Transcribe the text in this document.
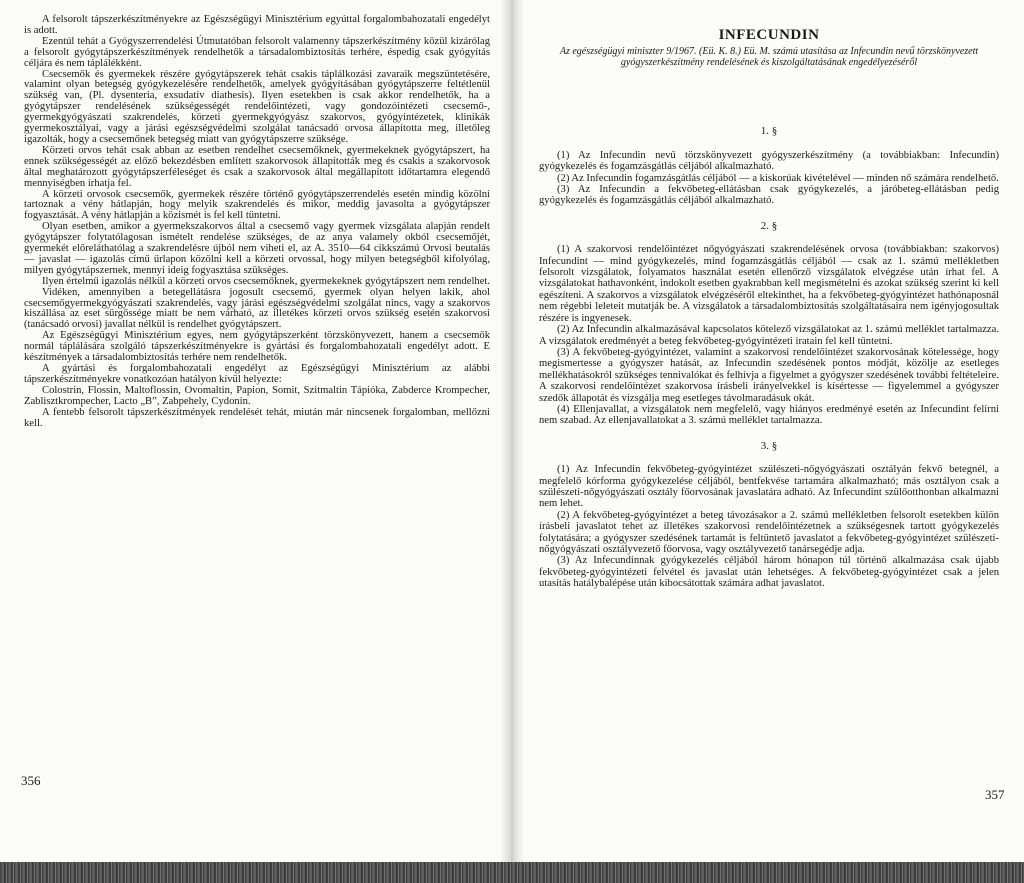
A felsorolt tápszerkészítményekre az Egészségügyi Minisztérium egyúttal forgalombahozatali engedélyt is adott.

Ezentúl tehát a Gyógyszerrendelési Útmutatóban felsorolt valamenny tápszerkészítmény közül kizárólag a felsorolt gyógytápszerkészítmények rendelhetők a társadalombiztosítás terhére, éspedig csak gyógyítás céljára és nem táplálékként.

Csecsemők és gyermekek részére gyógytápszerek tehát csakis táplálkozási zavaraik megszüntetésére, valamint olyan betegség gyógykezelésére rendelhetők, amelyek gyógyításában gyógytápszerre feltétlenül szükség van, (Pl. dysenteria, exsudatív diathesis). Ilyen esetekben is csak akkor rendelhetők, ha a gyógytápszer rendelésének szükségességét rendelőintézeti, vagy gondozóintézeti csecsemő-, gyermekgyógyászati szakrendelés, körzeti gyermekgyógyász szakorvos, gyógyintézetek, klinikák gyermekosztályai, vagy a járási egészségvédelmi szolgálat tanácsadó orvosa állapította meg, illetőleg igazolták, hogy a csecsemőnek betegség miatt van gyógytápszerre szüksége.

Körzeti orvos tehát csak abban az esetben rendelhet csecsemőknek, gyermekeknek gyógytápszert, ha ennek szükségességét az előző bekezdésben említett szakorvosok állapították meg és csakis a szakorvosok által meghatározott gyógytápszerféleséget és csak a szakorvosok által megállapított időtartamra elegendő mennyiségben írhatja fel.

A körzeti orvosok csecsemők, gyermekek részére történő gyógytápszerrendelés esetén mindig közölni tartoznak a vény hátlapján, hogy melyik szakrendelés és mikor, meddig javasolta a gyógytápszer fogyasztását. A vény hátlapján a közismét is fel kell tüntetni.

Olyan esetben, amikor a gyermekszakorvos által a csecsemő vagy gyermek vizsgálata alapján rendelt gyógytápszer folytatólagosan ismételt rendelése szükséges, de az anya valamely okból csecsemőjét, gyermekét előreláthatólag a szakrendelésre újból nem viheti el, az A. 3510—64 cikkszámú Orvosi beutalás — javaslat — igazolás című űrlapon közölni kell a körzeti orvossal, hogy milyen betegségből kifolyólag, milyen gyógytápszernek, mennyi ideig fogyasztása szükséges.

Ilyen értelmű igazolás nélkül a körzeti orvos csecsemőknek, gyermekeknek gyógytápszert nem rendelhet.

Vidéken, amennyiben a betegellátásra jogosult csecsemő, gyermek olyan helyen lakik, ahol csecsemőgyermekgyógyászati szakrendelés, vagy járási egészségvédelmi szolgálat nincs, vagy a szakorvos kiszállása az eset sürgőssége miatt be nem várható, az illetékes körzeti orvos szükség esetén szakorvosi (tanácsadó orvosi) javallat nélkül is rendelhet gyógytápszert.

Az Egészségügyi Minisztérium egyes, nem gyógytápszerként törzskönyvezett, hanem a csecsemők normál táplálására szolgáló tápszerkészítményekre is gyártási és forgalombahozatali engedélyt adott. E készítmények a társadalombiztosítás terhére nem rendelhetők.

A gyártási és forgalombahozatali engedélyt az Egészségügyi Minisztérium az alábbi tápszerkészítményekre vonatkozóan hatályon kívül helyezte:

Colostrin, Flossin, Maltoflossin, Ovomaltin, Papion, Somit, Szitmaltin Tápióka, Zabderce Krompecher, Zablisztkrompecher, Lacto „B”, Zabpehely, Cydonin.

A fentebb felsorolt tápszerkészítmények rendelését tehát, miután már nincsenek forgalomban, mellőzni kell.

356
INFECUNDIN
Az egészségügyi miniszter 9/1967. (Eü. K. 8.) Eü. M. számú utasítása az Infecundin nevű törzskönyvezett gyógyszerkészítmény rendelésének és kiszolgáltatásának engedélyezéséről
1. §

(1) Az Infecundin nevű törzskönyvezett gyógyszerkészítmény (a továbbiakban: Infecundin) gyógykezelés és fogamzásgátlás céljából alkalmazható.

(2) Az Infecundin fogamzásgátlás céljából — a kiskorúak kivételével — minden nő számára rendelhető.

(3) Az Infecundin a fekvőbeteg-ellátásban csak gyógykezelés, a járóbeteg-ellátásban pedig gyógykezelés és fogamzásgátlás céljából alkalmazható.

2. §

(1) A szakorvosi rendelőintézet nőgyógyászati szakrendelésének orvosa (továbbiakban: szakorvos) Infecundint — mind gyógykezelés, mind fogamzásgátlás céljából — csak az 1. számú mellékletben felsorolt vizsgálatok, folyamatos használat esetén ellenőrző vizsgálatok elvégzése után írhat fel. A vizsgálatokat hathavonként, indokolt esetben gyakrabban kell megismételni és azokat szükség szerint ki kell egészíteni. A szakorvos a vizsgálatok elvégzéséről eltekinthet, ha a fekvőbeteg-gyógyintézet hathónaposnál nem régebbi leleteit mutatják be. A vizsgálatok a társadalombiztosítás szolgáltatásaira nem igényjogosultak részére is ingyenesek.

(2) Az Infecundin alkalmazásával kapcsolatos kötelező vizsgálatokat az 1. számú melléklet tartalmazza. A vizsgálatok eredményét a beteg fekvőbeteg-gyógyintézeti iratain fel kell tüntetni.

(3) A fekvőbeteg-gyógyintézet, valamint a szakorvosi rendelőintézet szakorvosának kötelessége, hogy megismertesse a gyógyszer hatását, az Infecundin szedésének pontos módját, közölje az esetleges mellékhatásokról szükséges tennivalókat és felhívja a figyelmet a gyógyszer szedésének további feltételeire. A szakorvosi rendelőintézet szakorvosa írásbeli irányelvekkel is kísértesse — figyelemmel a gyógyszer szedők állapotát és vizsgálja meg esetleges távolmaradásuk okát.

(4) Ellenjavallat, a vizsgálatok nem megfelelő, vagy hiányos eredményé esetén az Infecundint felírni nem szabad. Az ellenjavallatokat a 3. számú melléklet tartalmazza.

3. §

(1) Az Infecundin fekvőbeteg-gyógyintézet szülészeti-nőgyógyászati osztályán fekvő betegnél, a megfelelő kórforma gyógykezelése céljából, bentfekvése tartamára alkalmazható; más osztályon csak a szülészeti-nőgyógyászati osztály főorvosának javaslatára adható. Az Infecundint szülőotthonban alkalmazni nem lehet.

(2) A fekvőbeteg-gyógyintézet a beteg távozásakor a 2. számú mellékletben felsorolt esetekben külön írásbeli javaslatot tehet az illetékes szakorvosi rendelőintézetnek a szükségesnek tartott gyógykezelés folytatására; a gyógyszer szedésének tartamát is feltüntető javaslatot a fekvőbeteg-gyógyintézet szülészeti-nőgyógyászati osztályvezető főorvosa, vagy osztályvezető tanársegédje adja.

(3) Az Infecundinnak gyógykezelés céljából három hónapon túl történő alkalmazása csak újabb fekvőbeteg-gyógyintézeti felvétel és javaslat után lehetséges. A fekvőbeteg-gyógyintézet csak a jelen utasítás hatálybalépése után kibocsátottak számára adhat javaslatot.

357
